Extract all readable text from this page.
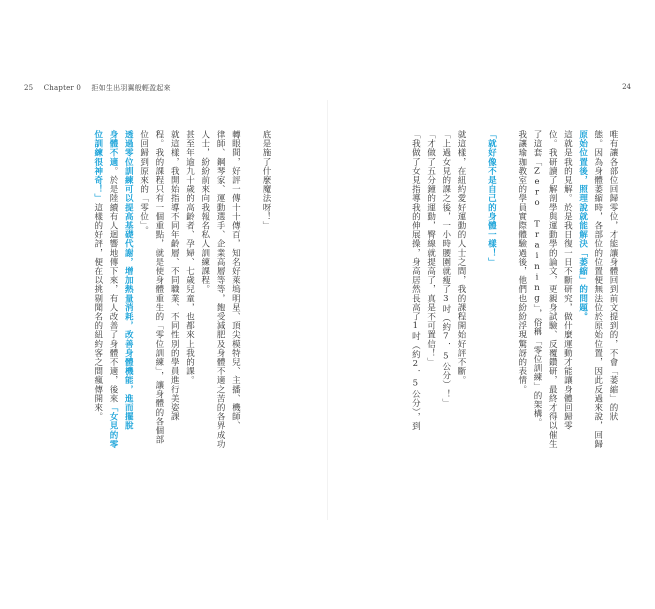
25 Chapter 0 拒如生出羽翼般輕盈起來	24
唯有讓各部位回歸零位，才能讓身體回到前文提到的，不會「萎縮」的狀
態。因為身體萎縮時，各部位的位置便無法位於原始位置，因此反過來說，回歸
原始位置後，照理說就能解決「萎縮」的問題。
這就是我的見解。於是我日復一日不斷研究，做什麼運動才能讓身體回歸零
位。我研讀了解剖學與運動學的論文，更親身試驗、反覆鑽研，最終才得以催生
了這套「Zero Training」，俗稱「零位訓練」的架構。
我讓瑜珈教室的學員實際體驗過後，他們也紛紛浮現驚訝的表情。
「就好像不是自己的身體一樣！」
就這樣，在紐約愛好運動的人士之間，我的課程開始好評不斷。
「上過女見的課之後，一小時腰圍就瘦了3吋（約7．5公分）！」
「才做了五分鐘的運動，臀線就提高了，真是不可置信！」
「我做了女見指導我的伸展操，身高居然長高了1吋（約2．5公分），到
底是施了什麼魔法呀！」
轉眼間，好評一傳十十傳百，知名好萊塢明星、頂尖模特兒、主播、機師、
律師、鋼琴家、運動選手、企業高層等等，飽受減肥及身體不適之苦的各界成功
人士，紛紛前來向我報名私人訓練課程。
甚至年逾九十歲的高齡者、孕婦、七歲兒童，也都來上我的課。
就這樣，我開始指導不同年齡層、不同職業、不同性別的學員進行美姿課
程。我的課程只有一個重點，就是使身體重生的「零位訓練」，讓身體的各個部
位回歸到原來的「零位」。
透過零位訓練可以提高基礎代謝，增加熱量消耗，改善身體機能，進而擺脫
身體不適。於是陸續有人迴響地傳下來，有人改善了身體不適，後來「女見的零
位訓練很神奇！」這樣的好評，便在以挑剔聞名的紐約客之間瘋傳開來。
